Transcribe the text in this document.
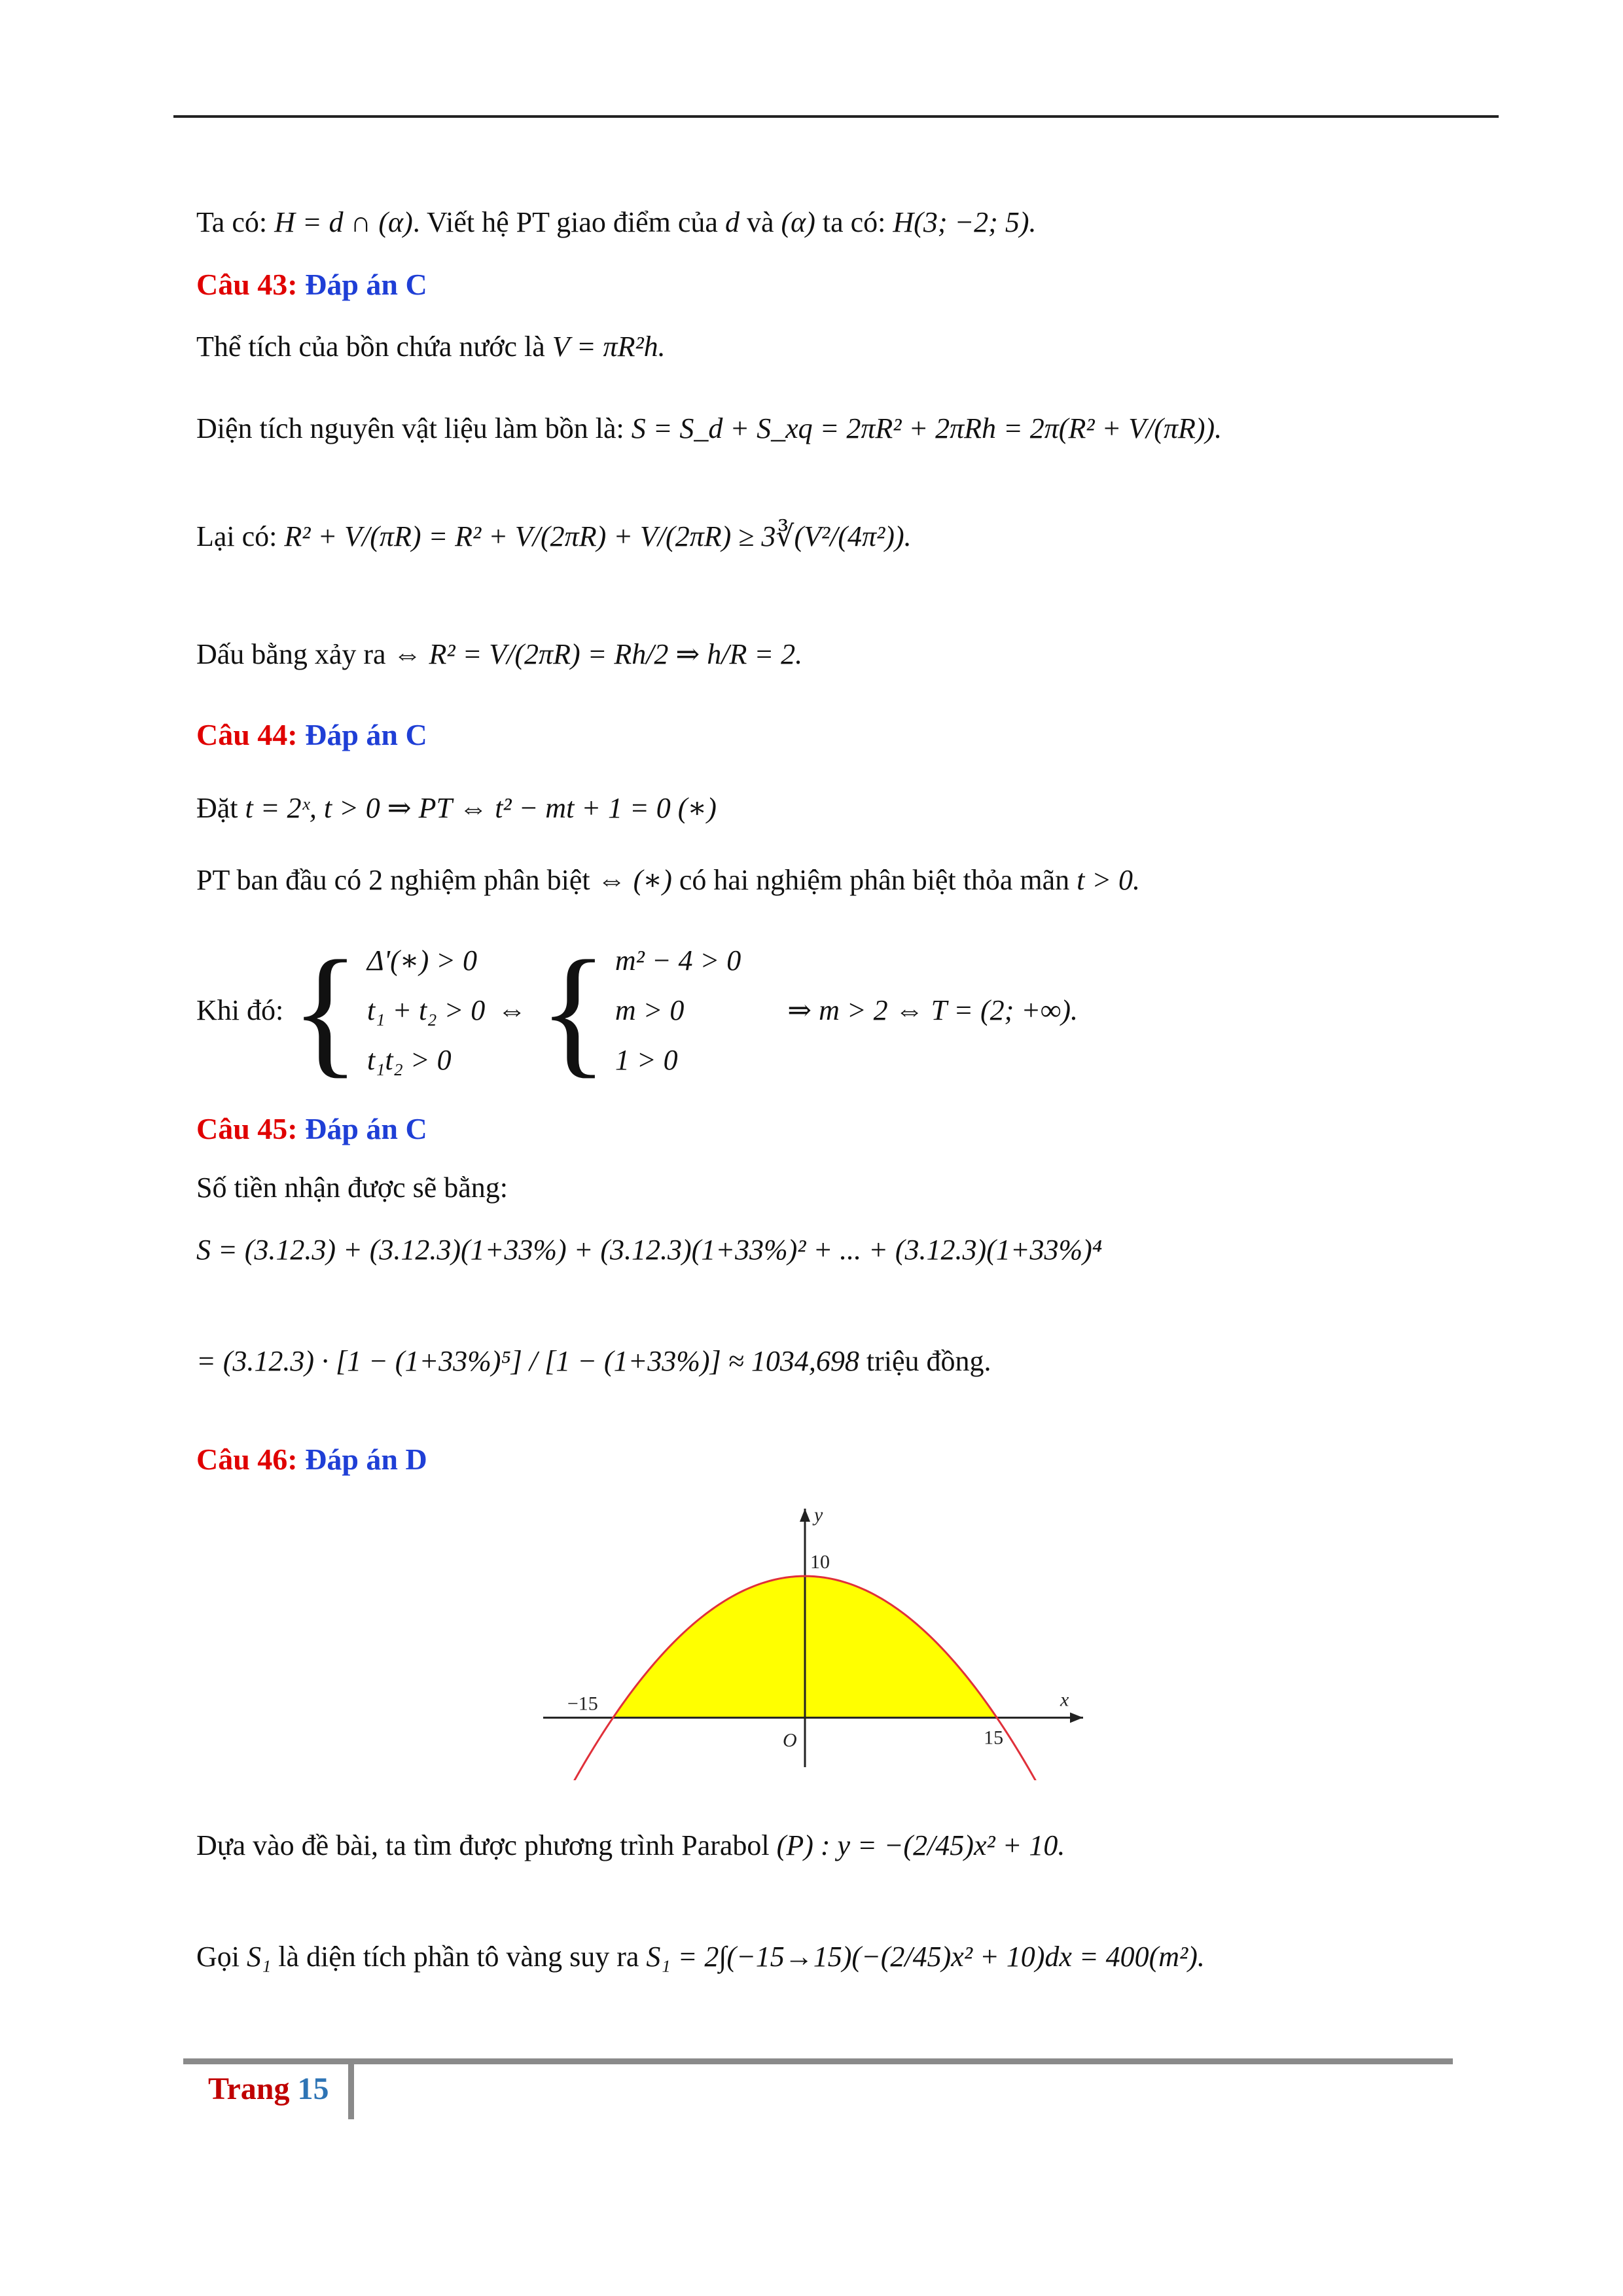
Ta có: H = d ∩ (α). Viết hệ PT giao điểm của d và (α) ta có: H(3; −2; 5).
Câu 43: Đáp án C
Thể tích của bồn chứa nước là V = πR²h.
Diện tích nguyên vật liệu làm bồn là: S = S_d + S_xq = 2πR² + 2πRh = 2π(R² + V/(πR)).
Lại có: R² + V/(πR) = R² + V/(2πR) + V/(2πR) ≥ 3∛(V²/(4π²)).
Dấu bằng xảy ra ⇔ R² = V/(2πR) = Rh/2 ⇒ h/R = 2.
Câu 44: Đáp án C
Đặt t = 2ˣ, t > 0 ⇒ PT ⇔ t² − mt + 1 = 0 (∗)
PT ban đầu có 2 nghiệm phân biệt ⇔ (∗) có hai nghiệm phân biệt thỏa mãn t > 0.
Khi đó: { Δ'(∗) > 0
t₁ + t₂ > 0
t₁t₂ > 0
⇔ { m² − 4 > 0
m > 0
1 > 0
⇒ m > 2 ⇔ T = (2; +∞).
Câu 45: Đáp án C
Số tiền nhận được sẽ bằng:
S = (3.12.3) + (3.12.3)(1+33%) + (3.12.3)(1+33%)² + ... + (3.12.3)(1+33%)⁴
= (3.12.3) · [1 − (1+33%)⁵] / [1 − (1+33%)] ≈ 1034,698 triệu đồng.
Câu 46: Đáp án D
Dựa vào đề bài, ta tìm được phương trình Parabol (P) : y = −(2/45)x² + 10.
Gọi S₁ là diện tích phần tô vàng suy ra S₁ = 2∫(−15→15)(−(2/45)x² + 10)dx = 400(m²).
−15
15
10
O
x
y
Trang 15
